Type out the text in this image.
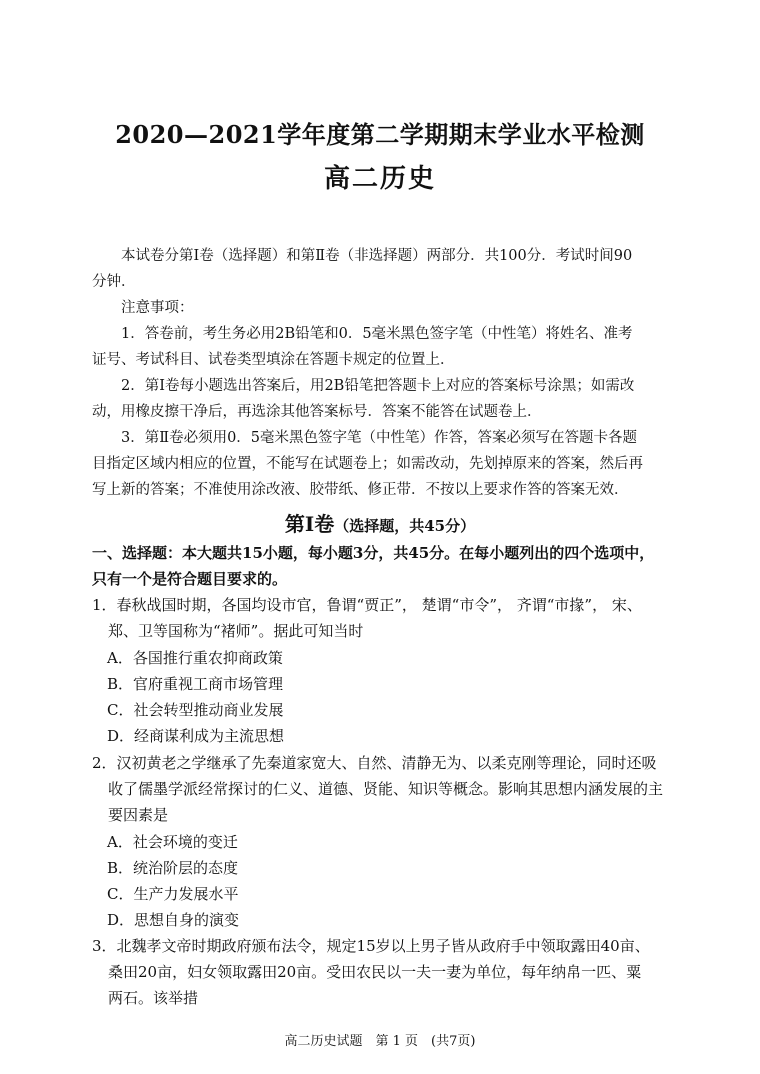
2020—2021学年度第二学期期末学业水平检测
高二历史
本试卷分第Ⅰ卷（选择题）和第Ⅱ卷（非选择题）两部分．共100分．考试时间90
分钟．
注意事项：
1．答卷前，考生务必用2B铅笔和0．5毫米黑色签字笔（中性笔）将姓名、准考
证号、考试科目、试卷类型填涂在答题卡规定的位置上．
2．第Ⅰ卷每小题选出答案后，用2B铅笔把答题卡上对应的答案标号涂黑；如需改
动，用橡皮擦干净后，再选涂其他答案标号．答案不能答在试题卷上．
3．第Ⅱ卷必须用0．5毫米黑色签字笔（中性笔）作答，答案必须写在答题卡各题
目指定区域内相应的位置，不能写在试题卷上；如需改动，先划掉原来的答案，然后再
写上新的答案；不准使用涂改液、胶带纸、修正带．不按以上要求作答的答案无效．
第Ⅰ卷（选择题，共45分）
一、选择题：本大题共15小题，每小题3分，共45分。在每小题列出的四个选项中，
只有一个是符合题目要求的。
1．春秋战国时期，各国均设市官，鲁谓“贾正”， 楚谓“市令”， 齐谓“市掾”， 宋、
郑、卫等国称为“褚师”。据此可知当时
A．各国推行重农抑商政策
B．官府重视工商市场管理
C．社会转型推动商业发展
D．经商谋利成为主流思想
2．汉初黄老之学继承了先秦道家宽大、自然、清静无为、以柔克刚等理论，同时还吸
收了儒墨学派经常探讨的仁义、道德、贤能、知识等概念。影响其思想内涵发展的主
要因素是
A．社会环境的变迁
B．统治阶层的态度
C．生产力发展水平
D．思想自身的演变
3．北魏孝文帝时期政府颁布法令，规定15岁以上男子皆从政府手中领取露田40亩、
桑田20亩，妇女领取露田20亩。受田农民以一夫一妻为单位，每年纳帛一匹、粟
高二历史试题　第 1 页　(共7页)
两石。该举措
